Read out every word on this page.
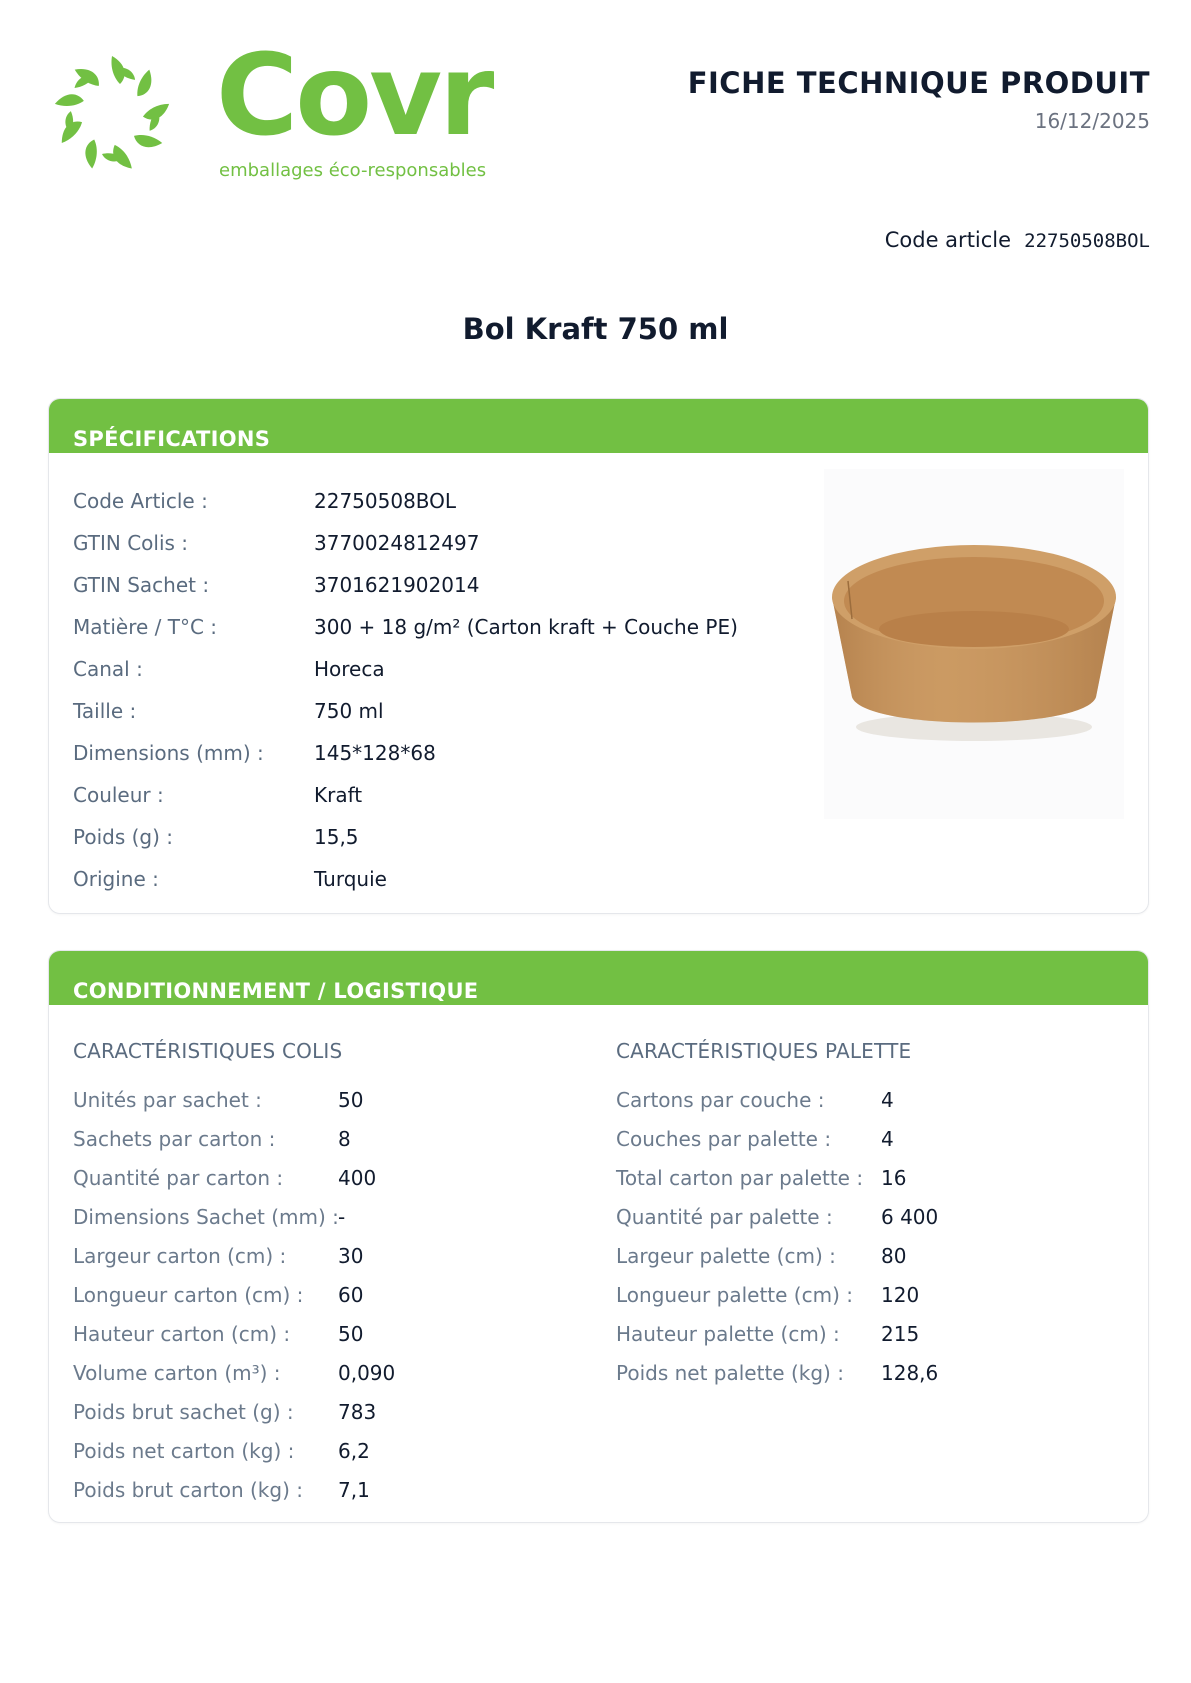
Covr
emballages éco-responsables
FICHE TECHNIQUE PRODUIT
16/12/2025
Code article 22750508BOL
Bol Kraft 750 ml
SPÉCIFICATIONS
Code Article :	22750508BOL
GTIN Colis :	3770024812497
GTIN Sachet :	3701621902014
Matière / T°C :	300 + 18 g/m² (Carton kraft + Couche PE)
Canal :	Horeca
Taille :	750 ml
Dimensions (mm) :	145*128*68
Couleur :	Kraft
Poids (g) :	15,5
Origine :	Turquie
CONDITIONNEMENT / LOGISTIQUE
CARACTÉRISTIQUES COLIS	CARACTÉRISTIQUES PALETTE
Unités par sachet :	50
Sachets par carton :	8
Quantité par carton :	400
Dimensions Sachet (mm) : -
Largeur carton (cm) :	30
Longueur carton (cm) : 60
Hauteur carton (cm) : 50
Volume carton (m³) :	0,090
Poids brut sachet (g) : 783
Poids net carton (kg) : 6,2
Poids brut carton (kg) : 7,1
Cartons par couche :	4
Couches par palette : 4
Total carton par palette : 16
Quantité par palette : 6 400
Largeur palette (cm) : 80
Longueur palette (cm) : 120
Hauteur palette (cm) : 215
Poids net palette (kg) : 128,6
